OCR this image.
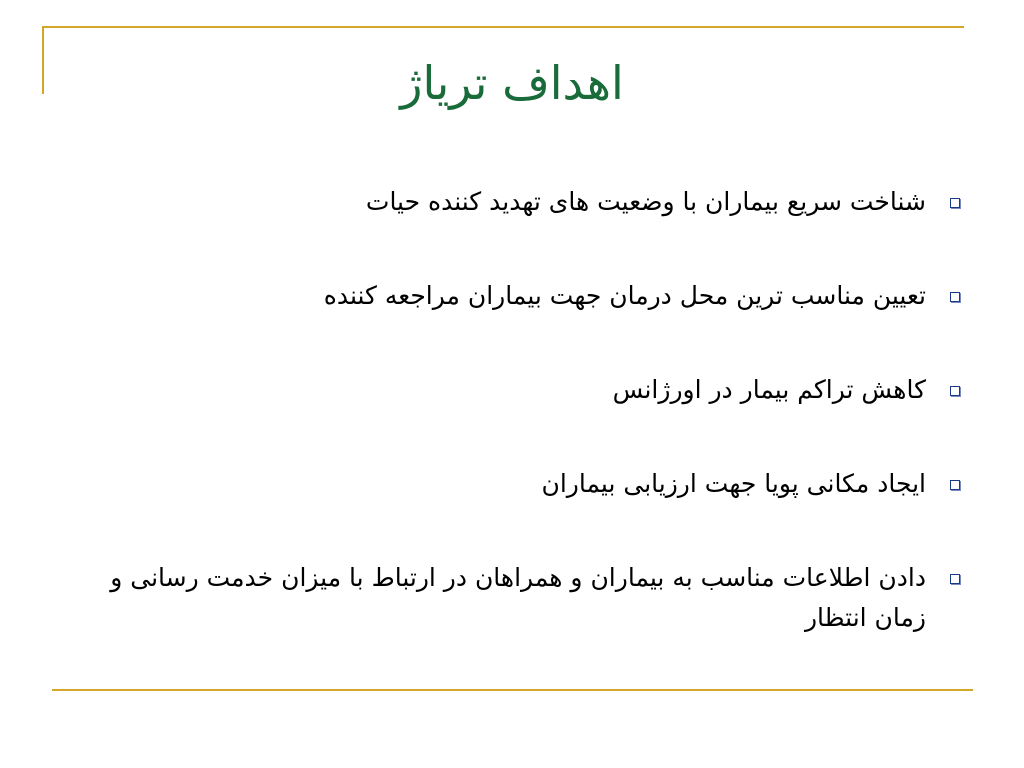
اهداف تریاژ
شناخت سریع بیماران با وضعیت های تهدید کننده حیات
تعیین مناسب ترین محل درمان جهت بیماران مراجعه کننده
کاهش تراکم بیمار در اورژانس
ایجاد مکانی پویا جهت ارزیابی بیماران
دادن اطلاعات مناسب به بیماران و همراهان در ارتباط با میزان خدمت رسانی و زمان انتظار
